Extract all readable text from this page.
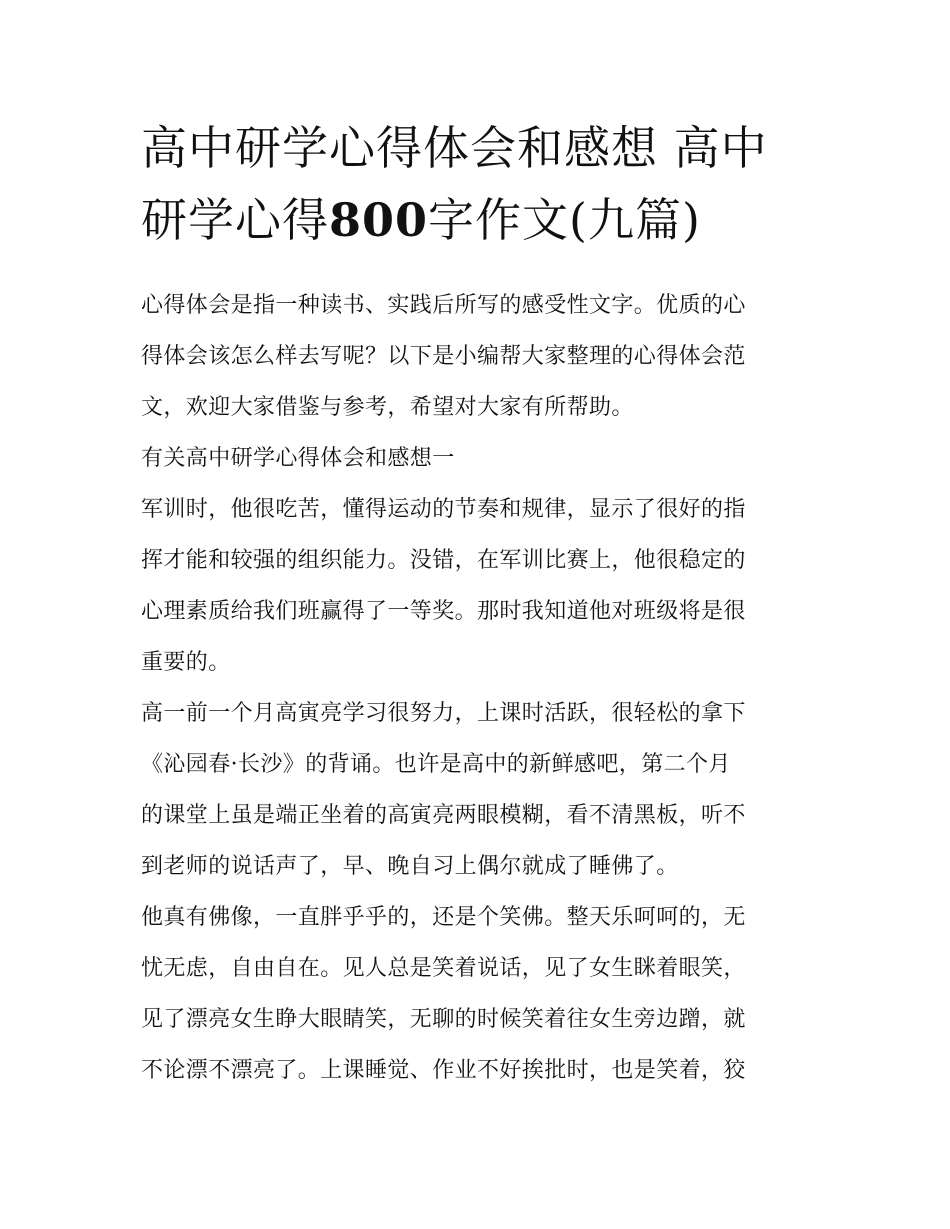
高中研学心得体会和感想 高中
研学心得800字作文(九篇)
心得体会是指一种读书、实践后所写的感受性文字。优质的心
得体会该怎么样去写呢？以下是小编帮大家整理的心得体会范
文，欢迎大家借鉴与参考，希望对大家有所帮助。
有关高中研学心得体会和感想一
军训时，他很吃苦，懂得运动的节奏和规律，显示了很好的指
挥才能和较强的组织能力。没错，在军训比赛上，他很稳定的
心理素质给我们班赢得了一等奖。那时我知道他对班级将是很
重要的。
高一前一个月高寅亮学习很努力，上课时活跃，很轻松的拿下
《沁园春·长沙》的背诵。也许是高中的新鲜感吧，第二个月
的课堂上虽是端正坐着的高寅亮两眼模糊，看不清黑板，听不
到老师的说话声了，早、晚自习上偶尔就成了睡佛了。
他真有佛像，一直胖乎乎的，还是个笑佛。整天乐呵呵的，无
忧无虑，自由自在。见人总是笑着说话，见了女生眯着眼笑，
见了漂亮女生睁大眼睛笑，无聊的时候笑着往女生旁边蹭，就
不论漂不漂亮了。上课睡觉、作业不好挨批时，也是笑着，狡
